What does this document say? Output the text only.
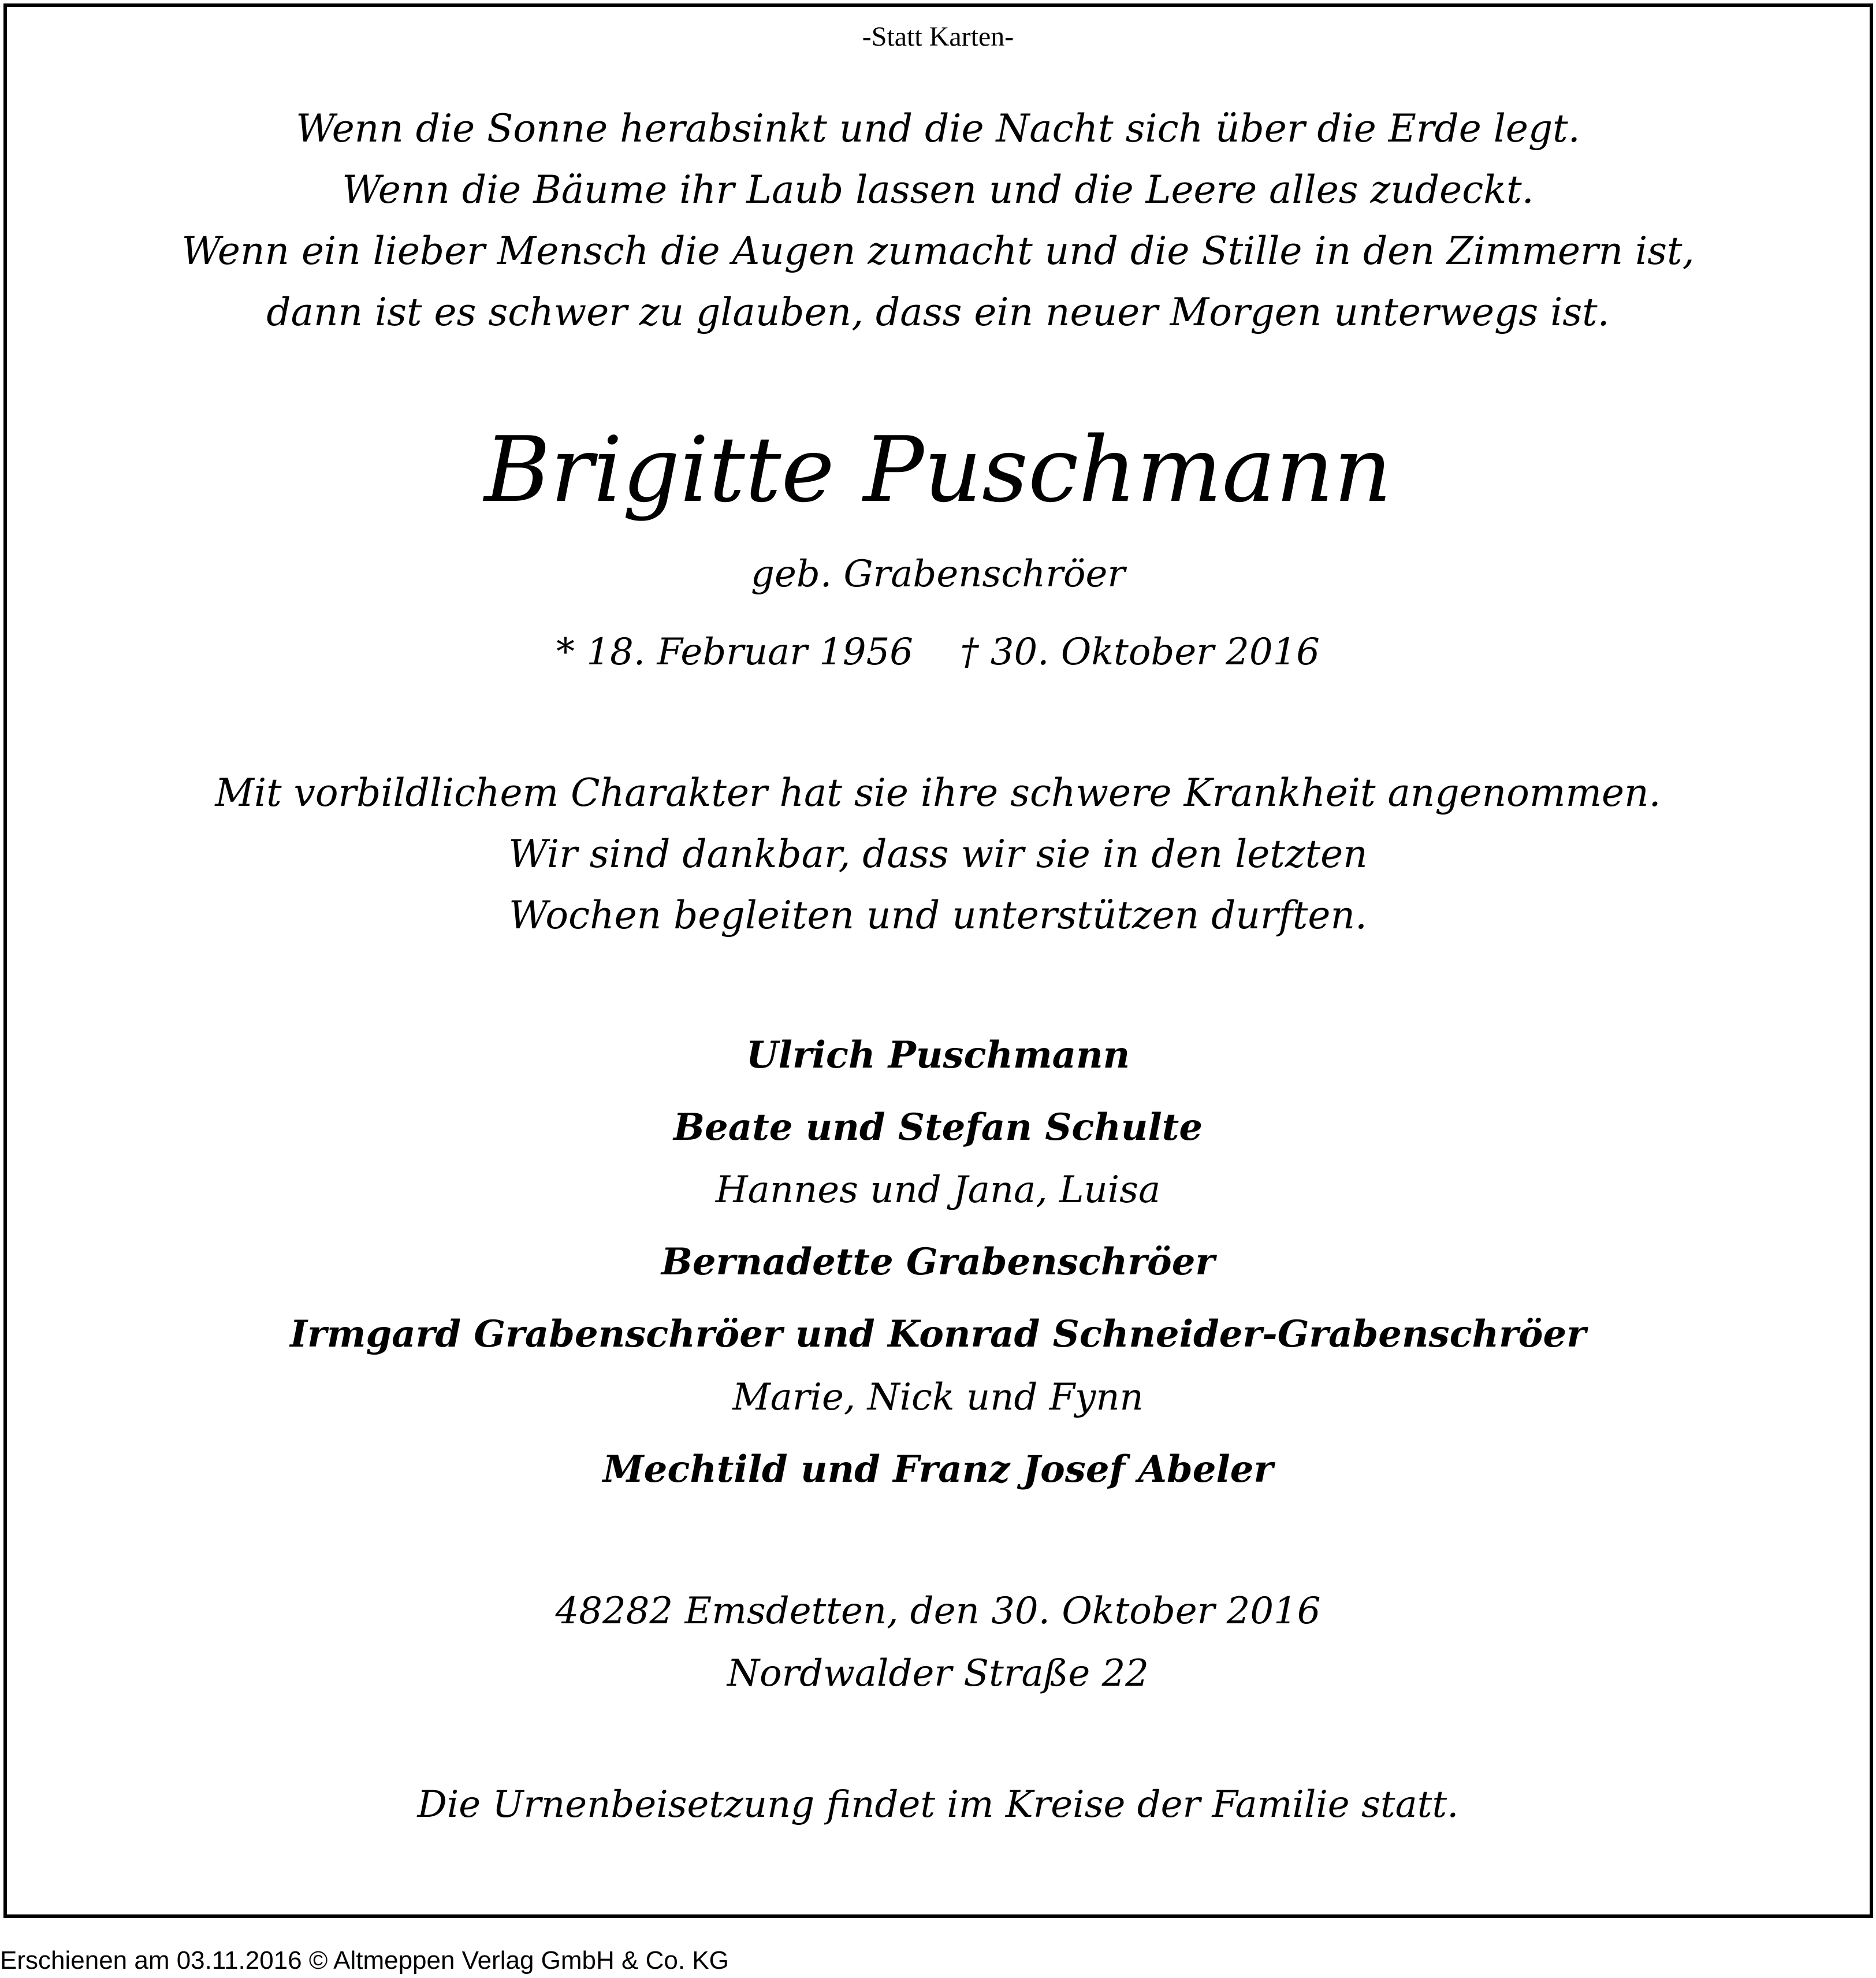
-Statt Karten-
Wenn die Sonne herabsinkt und die Nacht sich über die Erde legt.
Wenn die Bäume ihr Laub lassen und die Leere alles zudeckt.
Wenn ein lieber Mensch die Augen zumacht und die Stille in den Zimmern ist,
dann ist es schwer zu glauben, dass ein neuer Morgen unterwegs ist.
Brigitte Puschmann
geb. Grabenschröer
* 18. Februar 1956    † 30. Oktober 2016
Mit vorbildlichem Charakter hat sie ihre schwere Krankheit angenommen.
Wir sind dankbar, dass wir sie in den letzten
Wochen begleiten und unterstützen durften.
Ulrich Puschmann
Beate und Stefan Schulte
Hannes und Jana, Luisa
Bernadette Grabenschröer
Irmgard Grabenschröer und Konrad Schneider-Grabenschröer
Marie, Nick und Fynn
Mechtild und Franz Josef Abeler
48282 Emsdetten, den 30. Oktober 2016
Nordwalder Straße 22
Die Urnenbeisetzung findet im Kreise der Familie statt.
Erschienen am 03.11.2016 © Altmeppen Verlag GmbH & Co. KG
